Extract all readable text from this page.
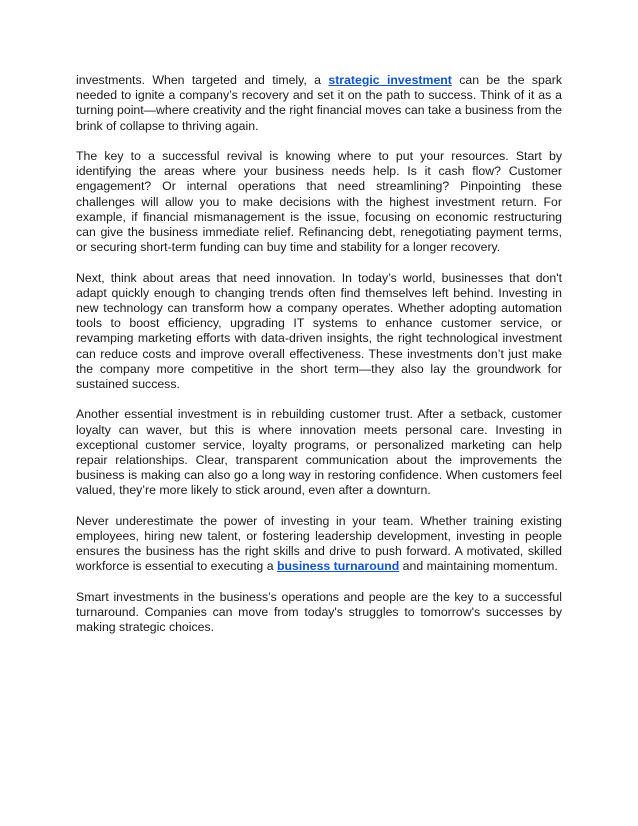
investments. When targeted and timely, a strategic investment can be the spark needed to ignite a company’s recovery and set it on the path to success. Think of it as a turning point—where creativity and the right financial moves can take a business from the brink of collapse to thriving again.

The key to a successful revival is knowing where to put your resources. Start by identifying the areas where your business needs help. Is it cash flow? Customer engagement? Or internal operations that need streamlining? Pinpointing these challenges will allow you to make decisions with the highest investment return. For example, if financial mismanagement is the issue, focusing on economic restructuring can give the business immediate relief. Refinancing debt, renegotiating payment terms, or securing short-term funding can buy time and stability for a longer recovery.

Next, think about areas that need innovation. In today’s world, businesses that don't adapt quickly enough to changing trends often find themselves left behind. Investing in new technology can transform how a company operates. Whether adopting automation tools to boost efficiency, upgrading IT systems to enhance customer service, or revamping marketing efforts with data-driven insights, the right technological investment can reduce costs and improve overall effectiveness. These investments don’t just make the company more competitive in the short term—they also lay the groundwork for sustained success.

Another essential investment is in rebuilding customer trust. After a setback, customer loyalty can waver, but this is where innovation meets personal care. Investing in exceptional customer service, loyalty programs, or personalized marketing can help repair relationships. Clear, transparent communication about the improvements the business is making can also go a long way in restoring confidence. When customers feel valued, they’re more likely to stick around, even after a downturn.

Never underestimate the power of investing in your team. Whether training existing employees, hiring new talent, or fostering leadership development, investing in people ensures the business has the right skills and drive to push forward. A motivated, skilled workforce is essential to executing a business turnaround and maintaining momentum.

Smart investments in the business’s operations and people are the key to a successful turnaround. Companies can move from today's struggles to tomorrow's successes by making strategic choices.
